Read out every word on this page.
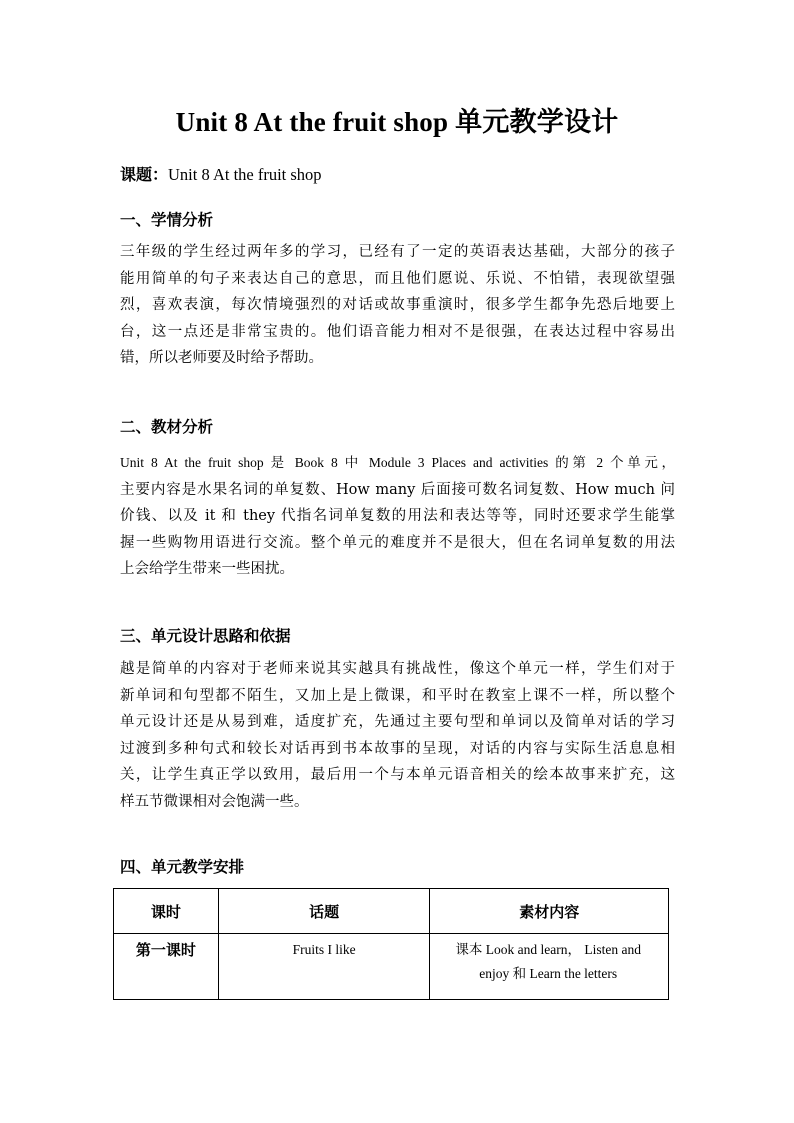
Unit 8 At the fruit shop 单元教学设计
课题：Unit 8 At the fruit shop
一、学情分析
三年级的学生经过两年多的学习，已经有了一定的英语表达基础，大部分的孩子
能用简单的句子来表达自己的意思，而且他们愿说、乐说、不怕错，表现欲望强
烈，喜欢表演，每次情境强烈的对话或故事重演时，很多学生都争先恐后地要上
台，这一点还是非常宝贵的。他们语音能力相对不是很强，在表达过程中容易出
错，所以老师要及时给予帮助。
二、教材分析
Unit 8 At the fruit shop 是 Book 8 中 Module 3 Places and activities 的第 2 个单元，
主要内容是水果名词的单复数、How many 后面接可数名词复数、How much 问
价钱、以及 it 和 they 代指名词单复数的用法和表达等等，同时还要求学生能掌
握一些购物用语进行交流。整个单元的难度并不是很大，但在名词单复数的用法
上会给学生带来一些困扰。
三、单元设计思路和依据
越是简单的内容对于老师来说其实越具有挑战性，像这个单元一样，学生们对于
新单词和句型都不陌生，又加上是上微课，和平时在教室上课不一样，所以整个
单元设计还是从易到难，适度扩充，先通过主要句型和单词以及简单对话的学习
过渡到多种句式和较长对话再到书本故事的呈现，对话的内容与实际生活息息相
关，让学生真正学以致用，最后用一个与本单元语音相关的绘本故事来扩充，这
样五节微课相对会饱满一些。
四、单元教学安排
课时	话题	素材内容
第一课时	Fruits I like	课本 Look and learn， Listen and
enjoy 和 Learn the letters
